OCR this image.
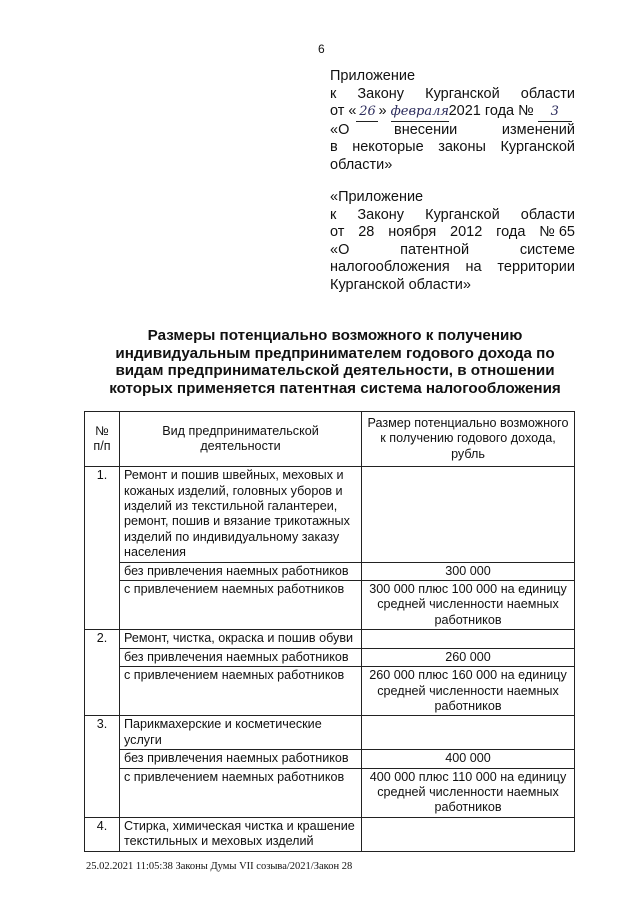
6
Приложение
к Закону Курганской области
от « 26 » февраля2021 года № 3
«О	внесении	изменений
в некоторые законы Курганской
области»
«Приложение
к Закону Курганской области
от 28 ноября 2012 года № 65
«О	патентной	системе
налогообложения на территории
Курганской области»
Размеры потенциально возможного к получению индивидуальным предпринимателем годового дохода по видам предпринимательской деятельности, в отношении которых применяется патентная система налогообложения
№ п/п	Вид предпринимательской деятельности	Размер потенциально возможного к получению годового дохода, рубль
1.	Ремонт и пошив швейных, меховых и кожаных изделий, головных уборов и изделий из текстильной галантереи, ремонт, пошив и вязание трикотажных изделий по индивидуальному заказу населения	
	без привлечения наемных работников	300 000
	с привлечением наемных работников	300 000 плюс 100 000 на единицу средней численности наемных работников
2.	Ремонт, чистка, окраска и пошив обуви	
	без привлечения наемных работников	260 000
	с привлечением наемных работников	260 000 плюс 160 000 на единицу средней численности наемных работников
3.	Парикмахерские и косметические услуги	
	без привлечения наемных работников	400 000
	с привлечением наемных работников	400 000 плюс 110 000 на единицу средней численности наемных работников
4.	Стирка, химическая чистка и крашение текстильных и меховых изделий	
25.02.2021 11:05:38 Законы Думы VII созыва/2021/Закон 28
